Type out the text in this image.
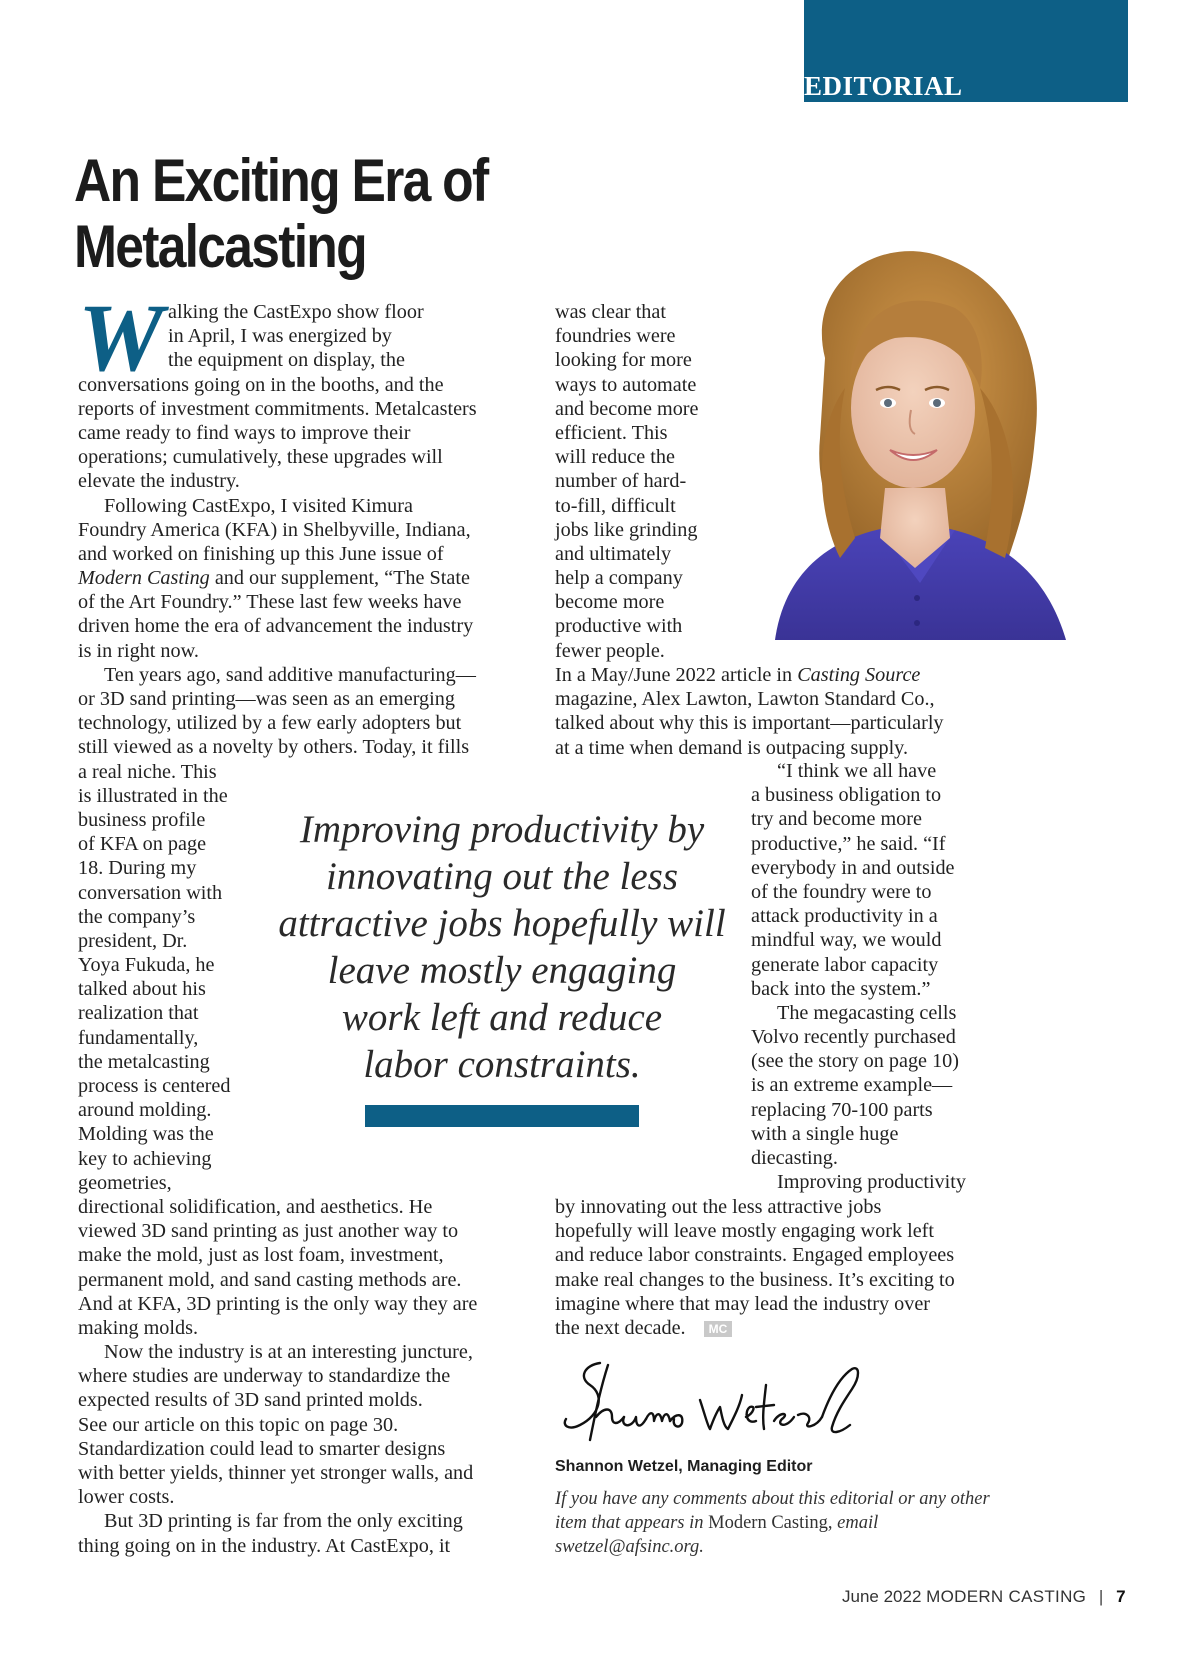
EDITORIAL
An Exciting Era of
Metalcasting
W alking the CastExpo show floor
in April, I was energized by
the equipment on display, the
conversations going on in the booths, and the
reports of investment commitments. Metalcasters
came ready to find ways to improve their
operations; cumulatively, these upgrades will
elevate the industry.
Following CastExpo, I visited Kimura
Foundry America (KFA) in Shelbyville, Indiana,
and worked on finishing up this June issue of
Modern Casting and our supplement, “The State
of the Art Foundry.” These last few weeks have
driven home the era of advancement the industry
is in right now.
Ten years ago, sand additive manufacturing—
or 3D sand printing—was seen as an emerging
technology, utilized by a few early adopters but
still viewed as a novelty by others. Today, it fills
a real niche. This
is illustrated in the
business profile
of KFA on page
18. During my
conversation with
the company’s
president, Dr.
Yoya Fukuda, he
talked about his
realization that
fundamentally,
the metalcasting
process is centered
around molding.
Molding was the
key to achieving
geometries,
directional solidification, and aesthetics. He
viewed 3D sand printing as just another way to
make the mold, just as lost foam, investment,
permanent mold, and sand casting methods are.
And at KFA, 3D printing is the only way they are
making molds.
Now the industry is at an interesting juncture,
where studies are underway to standardize the
expected results of 3D sand printed molds.
See our article on this topic on page 30.
Standardization could lead to smarter designs
with better yields, thinner yet stronger walls, and
lower costs.
But 3D printing is far from the only exciting
thing going on in the industry. At CastExpo, it
was clear that
foundries were
looking for more
ways to automate
and become more
efficient. This
will reduce the
number of hard-
to-fill, difficult
jobs like grinding
and ultimately
help a company
become more
productive with
fewer people.
In a May/June 2022 article in Casting Source
magazine, Alex Lawton, Lawton Standard Co.,
talked about why this is important—particularly
at a time when demand is outpacing supply.
“I think we all have
a business obligation to
try and become more
productive,” he said. “If
everybody in and outside
of the foundry were to
attack productivity in a
mindful way, we would
generate labor capacity
back into the system.”
The megacasting cells
Volvo recently purchased
(see the story on page 10)
is an extreme example—
replacing 70-100 parts
with a single huge
diecasting.
Improving productivity
by innovating out the less attractive jobs
hopefully will leave mostly engaging work left
and reduce labor constraints. Engaged employees
make real changes to the business. It’s exciting to
imagine where that may lead the industry over
the next decade. MC
Improving productivity by
innovating out the less
attractive jobs hopefully will
leave mostly engaging
work left and reduce
labor constraints.
Shannon Wetzel, Managing Editor
If you have any comments about this editorial or any other item that appears in Modern Casting, email swetzel@afsinc.org.
June 2022 MODERN CASTING | 7
